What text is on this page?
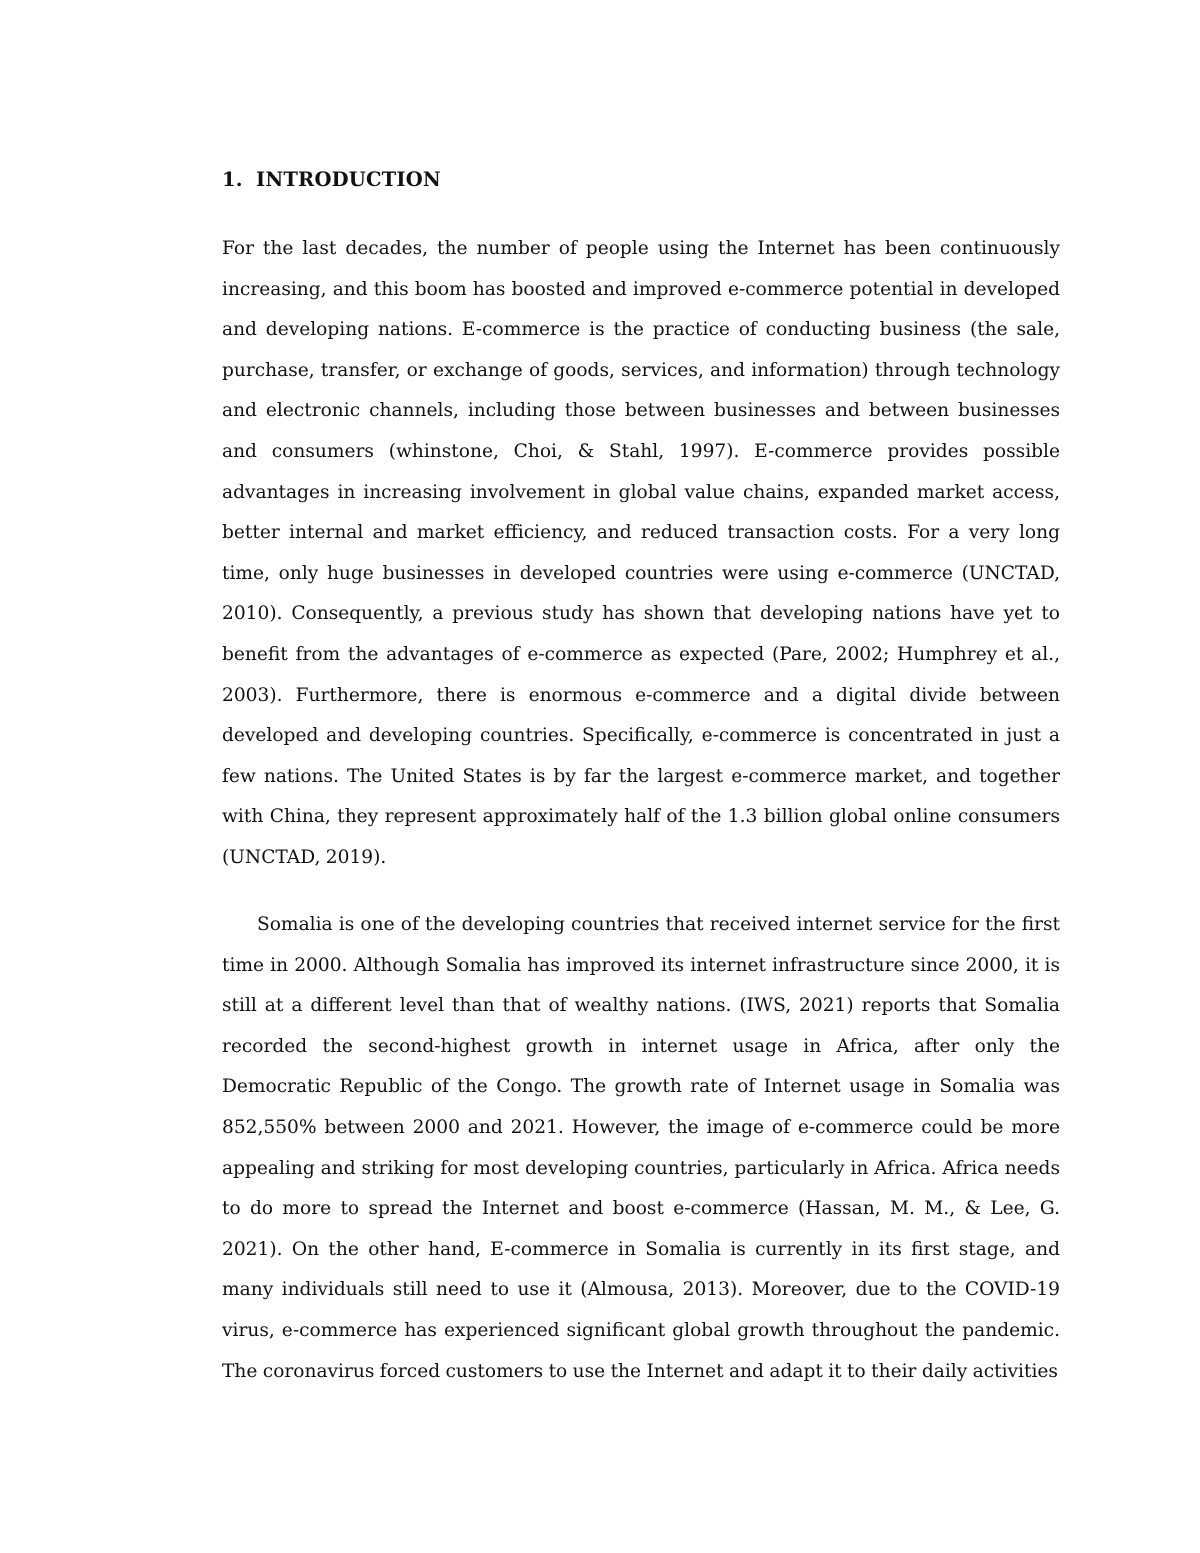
1. INTRODUCTION

For the last decades, the number of people using the Internet has been continuously increasing, and this boom has boosted and improved e-commerce potential in developed and developing nations. E-commerce is the practice of conducting business (the sale, purchase, transfer, or exchange of goods, services, and information) through technology and electronic channels, including those between businesses and between businesses and consumers (whinstone, Choi, & Stahl, 1997). E-commerce provides possible advantages in increasing involvement in global value chains, expanded market access, better internal and market efficiency, and reduced transaction costs. For a very long time, only huge businesses in developed countries were using e-commerce (UNCTAD, 2010). Consequently, a previous study has shown that developing nations have yet to benefit from the advantages of e-commerce as expected (Pare, 2002; Humphrey et al., 2003). Furthermore, there is enormous e-commerce and a digital divide between developed and developing countries. Specifically, e-commerce is concentrated in just a few nations. The United States is by far the largest e-commerce market, and together with China, they represent approximately half of the 1.3 billion global online consumers (UNCTAD, 2019).

Somalia is one of the developing countries that received internet service for the first time in 2000. Although Somalia has improved its internet infrastructure since 2000, it is still at a different level than that of wealthy nations. (IWS, 2021) reports that Somalia recorded the second-highest growth in internet usage in Africa, after only the Democratic Republic of the Congo. The growth rate of Internet usage in Somalia was 852,550% between 2000 and 2021. However, the image of e-commerce could be more appealing and striking for most developing countries, particularly in Africa. Africa needs to do more to spread the Internet and boost e-commerce (Hassan, M. M., & Lee, G. 2021). On the other hand, E-commerce in Somalia is currently in its first stage, and many individuals still need to use it (Almousa, 2013). Moreover, due to the COVID-19 virus, e-commerce has experienced significant global growth throughout the pandemic. The coronavirus forced customers to use the Internet and adapt it to their daily activities
